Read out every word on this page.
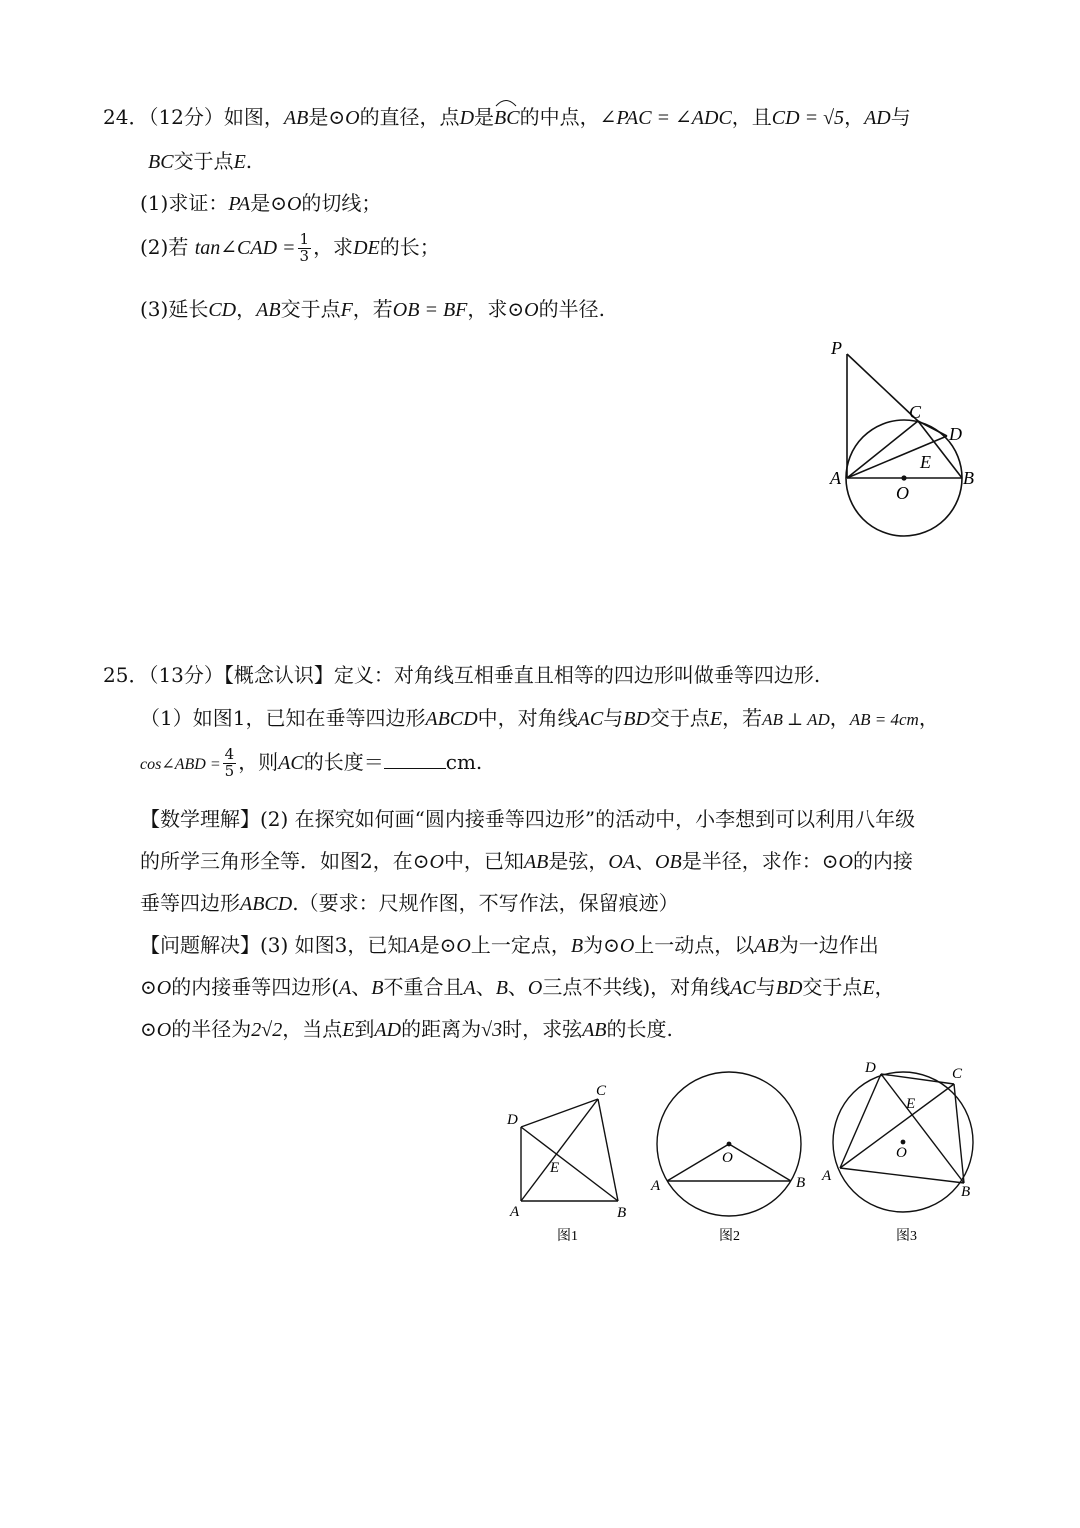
24．（12分）如图，AB是⊙O的直径，点D是
BC的中点，∠PAC = ∠ADC，且CD = √5，AD与
BC交于点E.
(1)求证：PA是⊙O的切线；
(2)若 tan∠CAD = $\frac{1}{3}$ ，求DE的长；
(3)延长CD，AB交于点F，若OB = BF，求⊙O的半径.
P
C
D
E
A
O
B
25．（13分）【概念认识】定义：对角线互相垂直且相等的四边形叫做垂等四边形.
（1）如图1，已知在垂等四边形ABCD中，对角线AC与BD交于点E，若AB ⊥ AD，AB = 4cm，
cos∠ABD = $\frac{4}{5}$ ，则AC的长度＝	cm.
【数学理解】(2) 在探究如何画“圆内接垂等四边形”的活动中，小李想到可以利用八年级
的所学三角形全等．如图2，在⊙O中，已知AB是弦，OA、OB是半径，求作：⊙O的内接
垂等四边形ABCD.（要求：尺规作图，不写作法，保留痕迹）
【问题解决】(3) 如图3，已知A是⊙O上一定点，B为⊙O上一动点，以AB为一边作出
⊙O的内接垂等四边形(A、B不重合且A、B、O三点不共线)，对角线AC与BD交于点E，
⊙O的半径为2√2，当点E到AD的距离为√3时，求弦AB的长度.
D
C
E
A	B
图1
O
A	B
图2
D	C
E
O
A
B
图3
